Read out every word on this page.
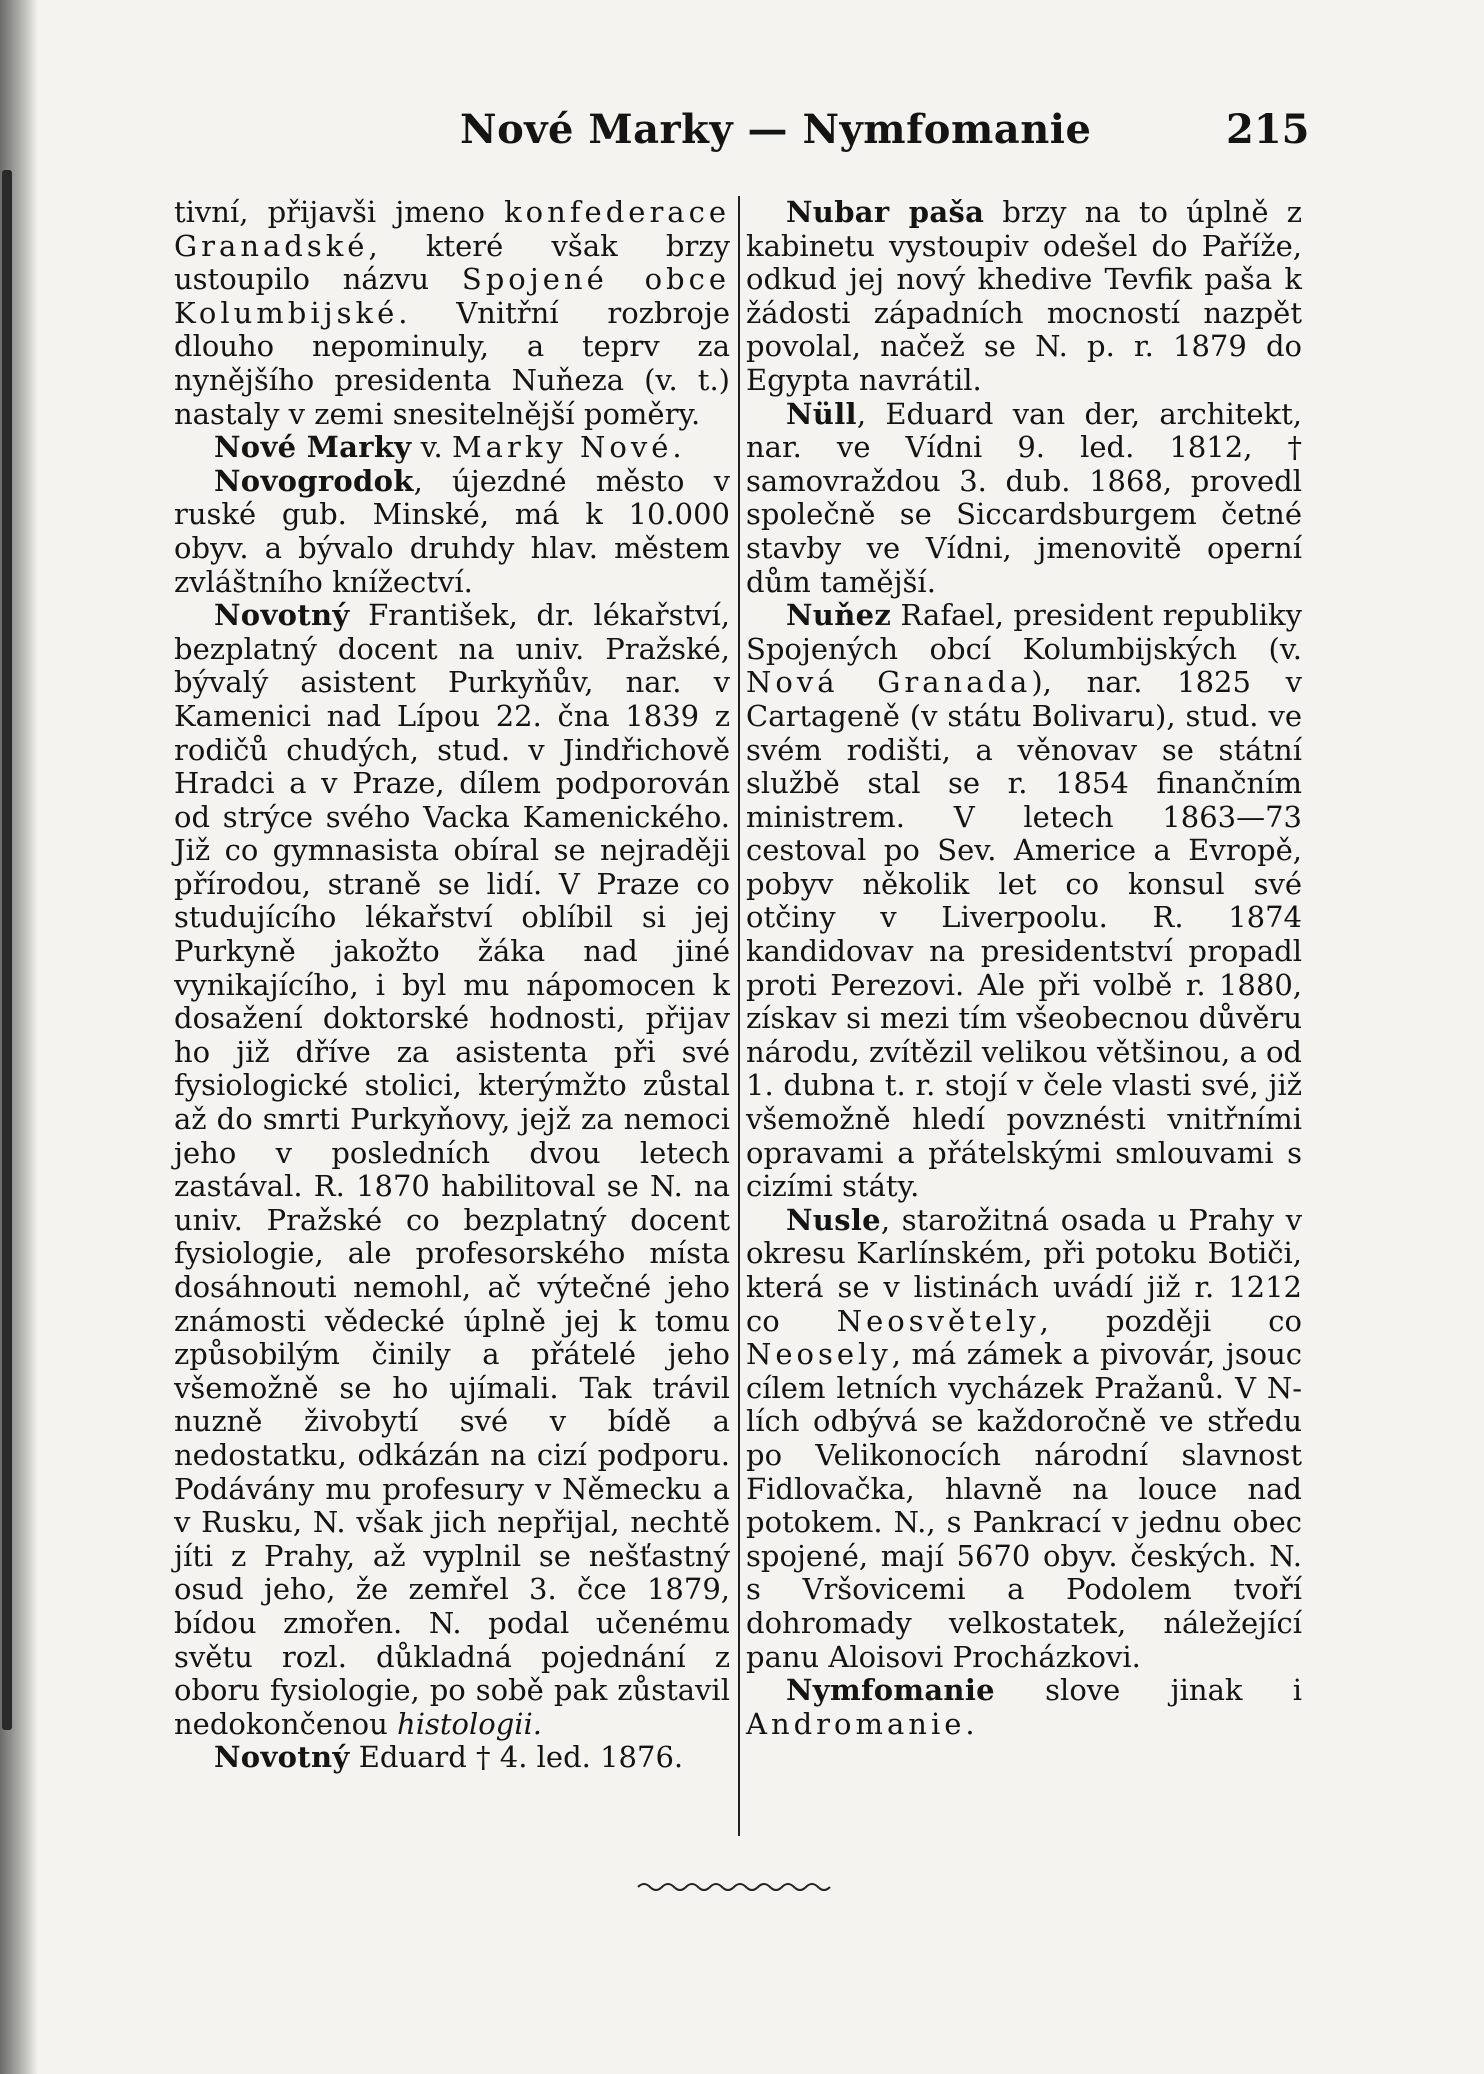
Nové Marky — Nymfomanie	215

tivní, přijavši jmeno konfederace Granadské, které však brzy ustoupilo názvu Spojené obce Kolumbijské. Vnitřní rozbroje dlouho nepominuly, a teprv za nynějšího presidenta Nuňeza (v. t.) nastaly v zemi snesitelnější poměry.

Nové Marky v. Marky Nové.

Novogrodok, újezdné město v ruské gub. Minské, má k 10.000 obyv. a bývalo druhdy hlav. městem zvláštního knížectví.

Novotný František, dr. lékařství, bezplatný docent na univ. Pražské, bývalý asistent Purkyňův, nar. v Kamenici nad Lípou 22. čna 1839 z rodičů chudých, stud. v Jindřichově Hradci a v Praze, dílem podporován od strýce svého Vacka Kamenického. Již co gymnasista obíral se nejraději přírodou, straně se lidí. V Praze co studujícího lékařství oblíbil si jej Purkyně jakožto žáka nad jiné vynikajícího, i byl mu nápomocen k dosažení doktorské hodnosti, přijav ho již dříve za asistenta při své fysiologické stolici, kterýmžto zůstal až do smrti Purkyňovy, jejž za nemoci jeho v posledních dvou letech zastával. R. 1870 habilitoval se N. na univ. Pražské co bezplatný docent fysiologie, ale profesorského místa dosáhnouti nemohl, ač výtečné jeho známosti vědecké úplně jej k tomu způsobilým činily a přátelé jeho všemožně se ho ujímali. Tak trávil nuzně živobytí své v bídě a nedostatku, odkázán na cizí podporu. Podávány mu profesury v Německu a v Rusku, N. však jich nepřijal, nechtě jíti z Prahy, až vyplnil se nešťastný osud jeho, že zemřel 3. čce 1879, bídou zmořen. N. podal učenému světu rozl. důkladná pojednání z oboru fysiologie, po sobě pak zůstavil nedokončenou histologii.

Novotný Eduard † 4. led. 1876.

Nubar paša brzy na to úplně z kabinetu vystoupiv odešel do Paříže, odkud jej nový khedive Tevfik paša k žádosti západních mocností nazpět povolal, načež se N. p. r. 1879 do Egypta navrátil.

Nüll, Eduard van der, architekt, nar. ve Vídni 9. led. 1812, † samovraždou 3. dub. 1868, provedl společně se Siccardsburgem četné stavby ve Vídni, jmenovitě operní dům tamější.

Nuňez Rafael, president republiky Spojených obcí Kolumbijských (v. Nová Granada), nar. 1825 v Cartageně (v státu Bolivaru), stud. ve svém rodišti, a věnovav se státní službě stal se r. 1854 finančním ministrem. V letech 1863—73 cestoval po Sev. Americe a Evropě, pobyv několik let co konsul své otčiny v Liverpoolu. R. 1874 kandidovav na presidentství propadl proti Perezovi. Ale při volbě r. 1880, získav si mezi tím všeobecnou důvěru národu, zvítězil velikou většinou, a od 1. dubna t. r. stojí v čele vlasti své, již všemožně hledí povznésti vnitřními opravami a přátelskými smlouvami s cizími státy.

Nusle, starožitná osada u Prahy v okresu Karlínském, při potoku Botiči, která se v listinách uvádí již r. 1212 co Neosvětely, později co Neosely, má zámek a pivovár, jsouc cílem letních vycházek Pražanů. V N-lích odbývá se každoročně ve středu po Velikonocích národní slavnost Fidlovačka, hlavně na louce nad potokem. N., s Pankrací v jednu obec spojené, mají 5670 obyv. českých. N. s Vršovicemi a Podolem tvoří dohromady velkostatek, náležející panu Aloisovi Procházkovi.

Nymfomanie slove jinak i Andromanie.
